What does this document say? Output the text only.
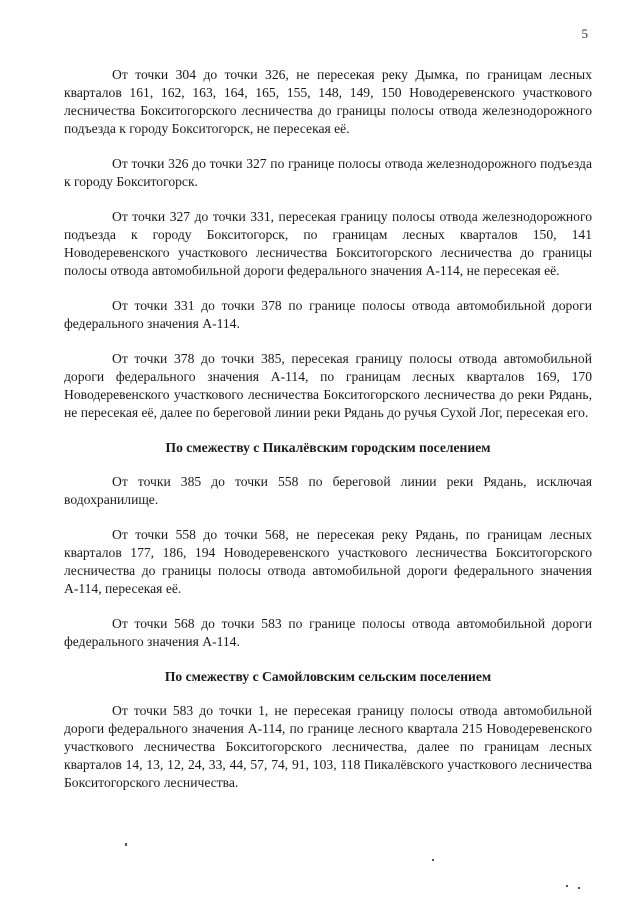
5

От точки 304 до точки 326, не пересекая реку Дымка, по границам лесных кварталов 161, 162, 163, 164, 165, 155, 148, 149, 150 Новодеревенского участкового лесничества Бокситогорского лесничества до границы полосы отвода железнодорожного подъезда к городу Бокситогорск, не пересекая её.

От точки 326 до точки 327 по границе полосы отвода железнодорожного подъезда к городу Бокситогорск.

От точки 327 до точки 331, пересекая границу полосы отвода железнодорожного подъезда к городу Бокситогорск, по границам лесных кварталов 150, 141 Новодеревенского участкового лесничества Бокситогорского лесничества до границы полосы отвода автомобильной дороги федерального значения А-114, не пересекая её.

От точки 331 до точки 378 по границе полосы отвода автомобильной дороги федерального значения А-114.

От точки 378 до точки 385, пересекая границу полосы отвода автомобильной дороги федерального значения А-114, по границам лесных кварталов 169, 170 Новодеревенского участкового лесничества Бокситогорского лесничества до реки Рядань, не пересекая её, далее по береговой линии реки Рядань до ручья Сухой Лог, пересекая его.

По смежеству с Пикалёвским городским поселением

От точки 385 до точки 558 по береговой линии реки Рядань, исключая водохранилище.

От точки 558 до точки 568, не пересекая реку Рядань, по границам лесных кварталов 177, 186, 194 Новодеревенского участкового лесничества Бокситогорского лесничества до границы полосы отвода автомобильной дороги федерального значения А-114, пересекая её.

От точки 568 до точки 583 по границе полосы отвода автомобильной дороги федерального значения А-114.

По смежеству с Самойловским сельским поселением

От точки 583 до точки 1, не пересекая границу полосы отвода автомобильной дороги федерального значения А-114, по границе лесного квартала 215 Новодеревенского участкового лесничества Бокситогорского лесничества, далее по границам лесных кварталов 14, 13, 12, 24, 33, 44, 57, 74, 91, 103, 118 Пикалёвского участкового лесничества Бокситогорского лесничества.
